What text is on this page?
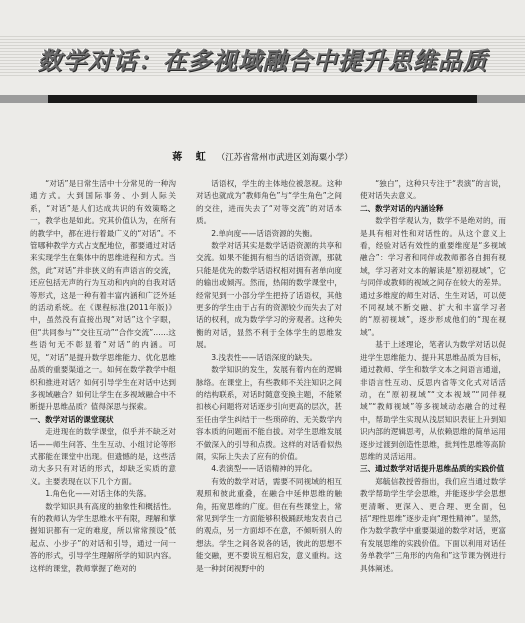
数学对话：在多视域融合中提升思维品质
蒋 虹 （江苏省常州市武进区刘海粟小学）

“对话”是日常生活中十分常见的一种沟通方式。大到国际事务、小到人际关系，“对话”是人们达成共识的有效策略之一，教学也是如此。究其价值认为，在所有的教学中，都在进行着最广义的“对话”。不管哪种教学方式占支配地位，都要通过对话来实现学生在集体中的思维进程和方式。当然，此“对话”并非狭义的有声语言的交流，还应包括无声的行为互动和内向的自我对话等形式，这是一种有着丰富内涵和广泛外延的活动系统。在《课程标准(2011年版)》中，虽然没有直接出现“对话”这个字眼，但“共同参与”“交往互动”“合作交流”……这些语句无不彰显着“对话”的内涵。可见，“对话”是提升数学思维能力、优化思维品质的重要渠道之一。如何在数学教学中组织和推进对话？如何引导学生在对话中达到多视域融合？如何让学生在多视域融合中不断提升思维品质？值得深思与探索。

一、数学对话的课堂现状

走进现在的数学课堂，似乎并不缺乏对话——师生问答、生生互动、小组讨论等形式都能在课堂中出现。但遗憾的是，这些活动大多只有对话的形式，却缺乏实质的意义。主要表现在以下几个方面。

1.角色化——对话主体的失落。

数学知识具有高度的抽象性和概括性。有的教师认为学生思维水平有限，理解和掌握知识都有一定的难度，所以常常预设“低起点、小步子”的对话和引导，通过一问一答的形式，引导学生理解所学的知识内容。这样的课堂，教师掌握了绝对的

话语权，学生的主体地位被忽视。这种对话也就成为“教师角色”与“学生角色”之间的交往，进而失去了“对等交流”的对话本质。

2.单向度——话语资源的失衡。

数学对话其实是数学话语资源的共享和交流。如果不能拥有相当的话语资源，那就只能是优先的数学话语权相对拥有者单向度的输出或倾泻。然而，热闹的数学课堂中，经常见到一小部分学生把持了话语权，其他更多的学生由于占有的资源较少而失去了对话的权利，成为数学学习的旁观者。这种失衡的对话，显然不利于全体学生的思维发展。

3.浅表性——话语深度的缺失。

数学知识的发生，发展有着内在的逻辑脉络。在课堂上，有些教师不关注知识之间的结构联系，对话时随意变换主题，不能紧扣核心问题将对话逐步引向更高的层次，甚至任由学生纠结于一些琐碎的、无关数学内容本质的问题而不能自拔。对学生思维发展不做深入的引导和点拨。这样的对话看似热闹，实际上失去了应有的价值。

4.表演型——话语精神的异化。

有效的数学对话，需要不同视域的相互观照和彼此重叠，在融合中延伸思维的触角，拓宽思维的广度。但在有些课堂上，常常见到学生一方面能够积极踊跃地发表自己的观点，另一方面却不在意，不倾听别人的想法。学生之间各说各的话，彼此的思想不能交融，更不要说互相启发，意义重构。这是一种封闭视野中的

“独白”，这种只专注于“表演”的言说，使对话失去意义。

二、数学对话的内涵诠释

数学哲学观认为，数学不是绝对的，而是具有相对性和对话性的。从这个意义上看，经验对话有效性的重要维度是“多视域融合”：学习者和同伴或教师都各自拥有视域，学习者对文本的解读是“原初视域”，它与同伴或教师的视域之间存在较大的差异。通过多维度的师生对话、生生对话，可以使不同视域不断交融、扩大和丰富学习者的“原初视域”，逐步形成他们的“现在视域”。

基于上述理论，笔者认为数学对话以促进学生思维能力、提升其思维品质为目标，通过教师、学生和数学文本之间语言通道，非语言性互动、反思内省等文化式对话活动，在“原初视域”“文本视域”“同伴视域”“教师视域”等多视域动态融合的过程中，帮助学生实现从浅层知识表征上升到知识内部的逻辑思考，从依赖思维的简单运用逐步过渡到创造性思维，批判性思维等高阶思维的灵活运用。

三、通过数学对话提升思维品质的实践价值

郑毓信教授曾指出，我们应当通过数学教学帮助学生学会思维，并能逐步学会思想更清晰、更深入、更合理、更全面，包括“理性思维”逐步走向“理性精神”。显然，作为数学教学中重要渠道的数学对话，更富有发展思维的实践价值。下面以利用对话任务单教学“三角形的内角和”这节课为例进行具体阐述。
